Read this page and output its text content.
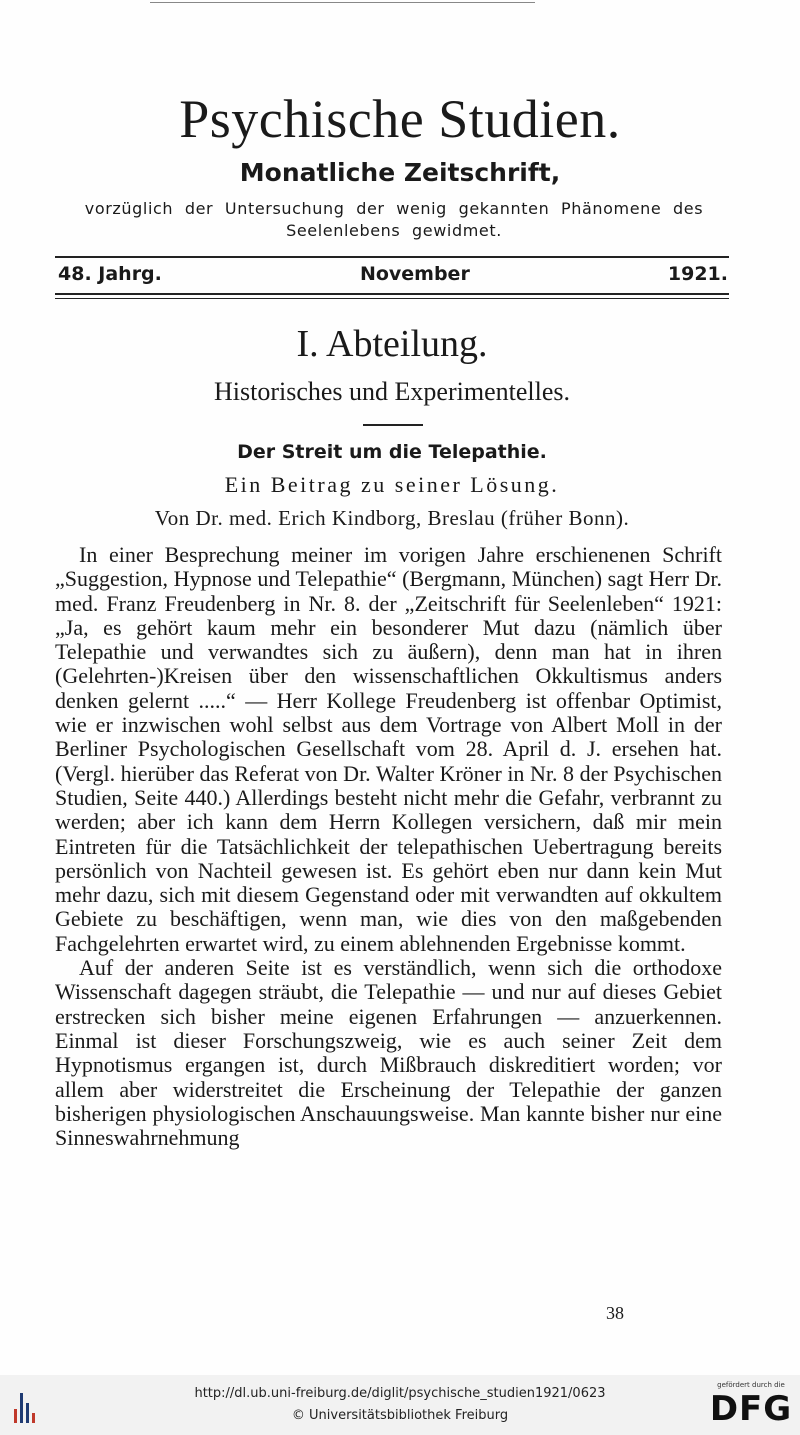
Psychische Studien.
Monatliche Zeitschrift,
vorzüglich der Untersuchung der wenig gekannten Phänomene des Seelenlebens gewidmet.
48. Jahrg.	November	1921.
I. Abteilung.
Historisches und Experimentelles.
Der Streit um die Telepathie.
Ein Beitrag zu seiner Lösung.
Von Dr. med. Erich Kindborg, Breslau (früher Bonn).

In einer Besprechung meiner im vorigen Jahre erschienenen Schrift „Suggestion, Hypnose und Telepathie“ (Bergmann, München) sagt Herr Dr. med. Franz Freudenberg in Nr. 8. der „Zeitschrift für Seelenleben“ 1921: „Ja, es gehört kaum mehr ein besonderer Mut dazu (nämlich über Telepathie und verwandtes sich zu äußern), denn man hat in ihren (Gelehrten-)Kreisen über den wissenschaftlichen Okkultismus anders denken gelernt .....“ — Herr Kollege Freudenberg ist offenbar Optimist, wie er inzwischen wohl selbst aus dem Vortrage von Albert Moll in der Berliner Psychologischen Gesellschaft vom 28. April d. J. ersehen hat. (Vergl. hierüber das Referat von Dr. Walter Kröner in Nr. 8 der Psychischen Studien, Seite 440.) Allerdings besteht nicht mehr die Gefahr, verbrannt zu werden; aber ich kann dem Herrn Kollegen versichern, daß mir mein Eintreten für die Tatsächlichkeit der telepathischen Uebertragung bereits persönlich von Nachteil gewesen ist. Es gehört eben nur dann kein Mut mehr dazu, sich mit diesem Gegenstand oder mit verwandten auf okkultem Gebiete zu beschäftigen, wenn man, wie dies von den maßgebenden Fachgelehrten erwartet wird, zu einem ablehnenden Ergebnisse kommt.

Auf der anderen Seite ist es verständlich, wenn sich die orthodoxe Wissenschaft dagegen sträubt, die Telepathie — und nur auf dieses Gebiet erstrecken sich bisher meine eigenen Erfahrungen — anzuerkennen. Einmal ist dieser Forschungszweig, wie es auch seiner Zeit dem Hypnotismus ergangen ist, durch Mißbrauch diskreditiert worden; vor allem aber widerstreitet die Erscheinung der Telepathie der ganzen bisherigen physiologischen Anschauungsweise. Man kannte bisher nur eine Sinneswahrnehmung

38
http://dl.ub.uni-freiburg.de/diglit/psychische_studien1921/0623
© Universitätsbibliothek Freiburg
gefördert durch die
DFG
